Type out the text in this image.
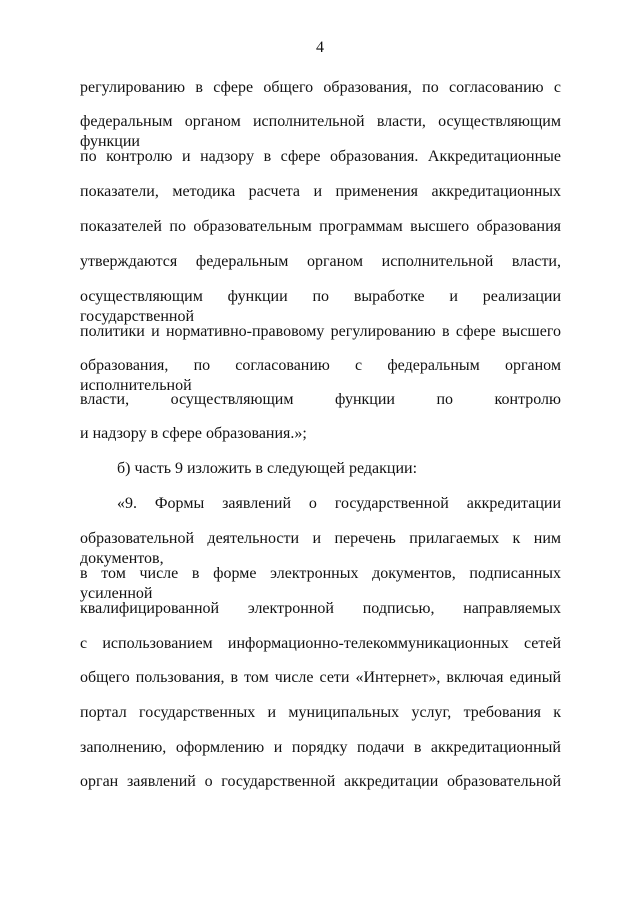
4
регулированию в сфере общего образования, по согласованию с
федеральным органом исполнительной власти, осуществляющим функции
по контролю и надзору в сфере образования. Аккредитационные
показатели, методика расчета и применения аккредитационных
показателей по образовательным программам высшего образования
утверждаются федеральным органом исполнительной власти,
осуществляющим функции по выработке и реализации государственной
политики и нормативно-правовому регулированию в сфере высшего
образования, по согласованию с федеральным органом исполнительной
власти, осуществляющим функции по контролю
и надзору в сфере образования.»;
б) часть 9 изложить в следующей редакции:
«9. Формы заявлений о государственной аккредитации
образовательной деятельности и перечень прилагаемых к ним документов,
в том числе в форме электронных документов, подписанных усиленной
квалифицированной электронной подписью, направляемых
с использованием информационно-телекоммуникационных сетей
общего пользования, в том числе сети «Интернет», включая единый
портал государственных и муниципальных услуг, требования к
заполнению, оформлению и порядку подачи в аккредитационный
орган заявлений о государственной аккредитации образовательной
